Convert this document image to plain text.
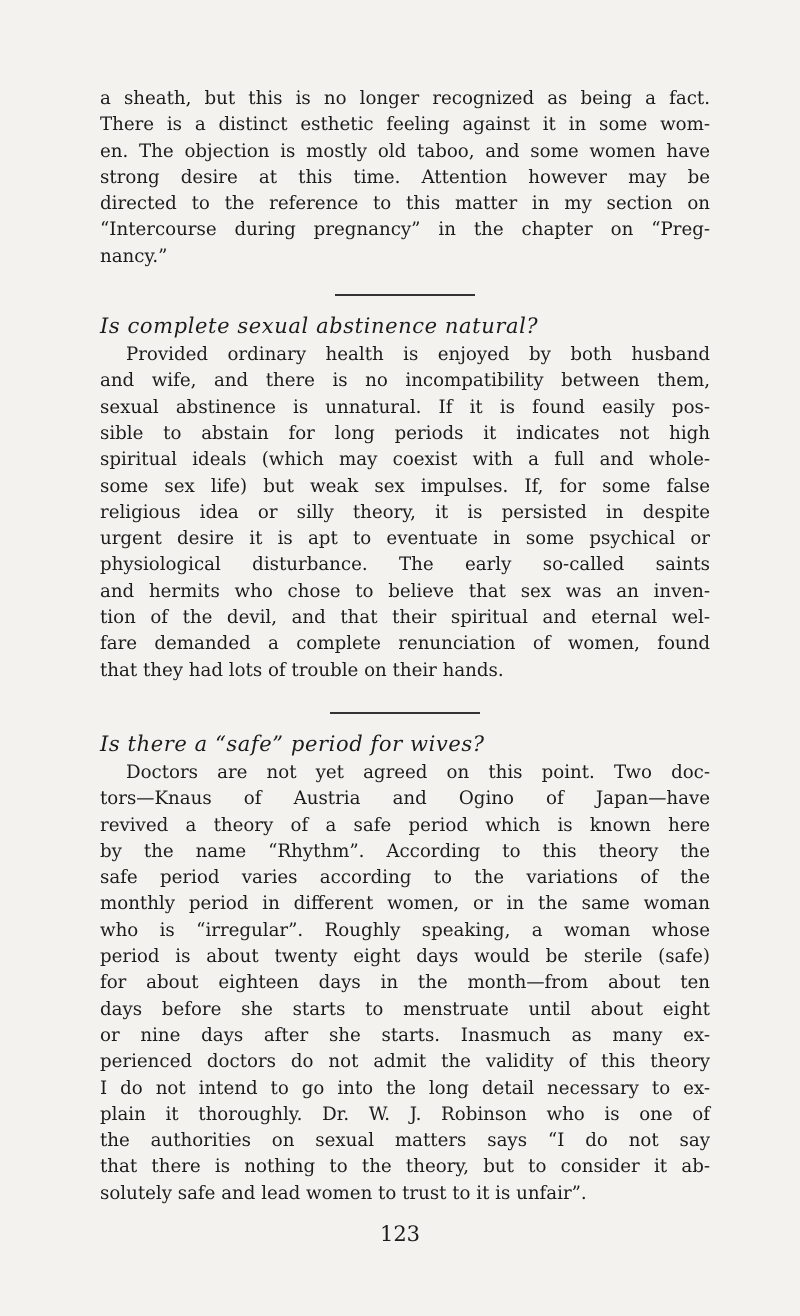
a sheath, but this is no longer recognized as being a fact.
There is a distinct esthetic feeling against it in some wom-
en. The objection is mostly old taboo, and some women have
strong desire at this time. Attention however may be
directed to the reference to this matter in my section on
“Intercourse during pregnancy” in the chapter on “Preg-
nancy.”
Is complete sexual abstinence natural?
Provided ordinary health is enjoyed by both husband
and wife, and there is no incompatibility between them,
sexual abstinence is unnatural. If it is found easily pos-
sible to abstain for long periods it indicates not high
spiritual ideals (which may coexist with a full and whole-
some sex life) but weak sex impulses. If, for some false
religious idea or silly theory, it is persisted in despite
urgent desire it is apt to eventuate in some psychical or
physiological disturbance. The early so-called saints
and hermits who chose to believe that sex was an inven-
tion of the devil, and that their spiritual and eternal wel-
fare demanded a complete renunciation of women, found
that they had lots of trouble on their hands.
Is there a “safe” period for wives?
Doctors are not yet agreed on this point. Two doc-
tors—Knaus of Austria and Ogino of Japan—have
revived a theory of a safe period which is known here
by the name “Rhythm”. According to this theory the
safe period varies according to the variations of the
monthly period in different women, or in the same woman
who is “irregular”. Roughly speaking, a woman whose
period is about twenty eight days would be sterile (safe)
for about eighteen days in the month—from about ten
days before she starts to menstruate until about eight
or nine days after she starts. Inasmuch as many ex-
perienced doctors do not admit the validity of this theory
I do not intend to go into the long detail necessary to ex-
plain it thoroughly. Dr. W. J. Robinson who is one of
the authorities on sexual matters says “I do not say
that there is nothing to the theory, but to consider it ab-
solutely safe and lead women to trust to it is unfair”.
123
